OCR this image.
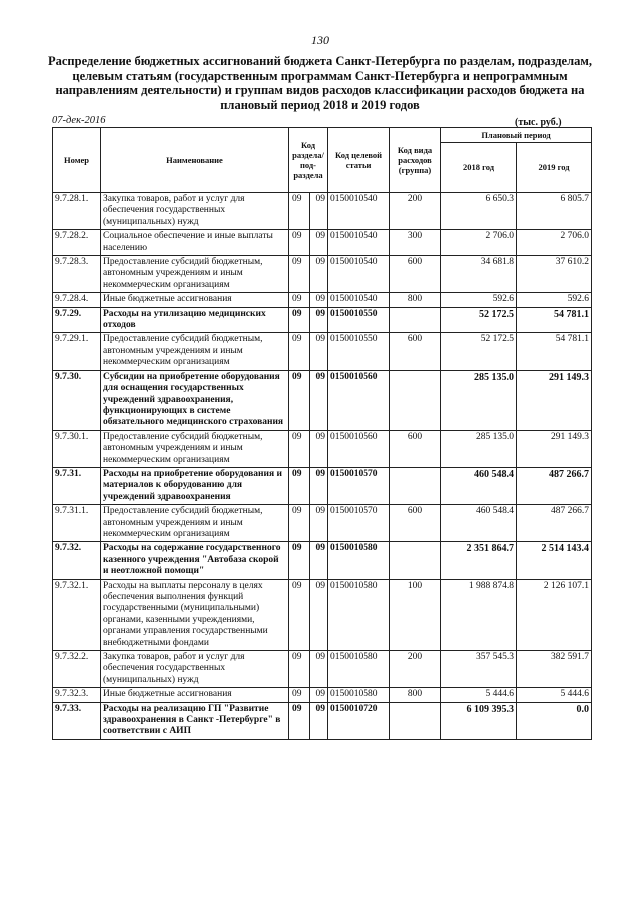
130
Распределение бюджетных ассигнований бюджета Санкт-Петербурга по разделам, подразделам, целевым статьям (государственным программам Санкт-Петербурга и непрограммным направлениям деятельности) и группам видов расходов классификации расходов бюджета на плановый период 2018 и 2019 годов
07-дек-2016	(тыс. руб.)
Номер	Наименование	Код раздела/ под-раздела		Код целевой статьи	Код вида расходов (группа)	Плановый период	
						2018 год	2019 год
9.7.28.1.	Закупка товаров, работ и услуг для обеспечения государственных (муниципальных) нужд	09	09	0150010540	200	6 650.3	6 805.7
9.7.28.2.	Социальное обеспечение и иные выплаты населению	09	09	0150010540	300	2 706.0	2 706.0
9.7.28.3.	Предоставление субсидий бюджетным, автономным учреждениям и иным некоммерческим организациям	09	09	0150010540	600	34 681.8	37 610.2
9.7.28.4.	Иные бюджетные ассигнования	09	09	0150010540	800	592.6	592.6
9.7.29.	Расходы на утилизацию медицинских отходов	09	09	0150010550		52 172.5	54 781.1
9.7.29.1.	Предоставление субсидий бюджетным, автономным учреждениям и иным некоммерческим организациям	09	09	0150010550	600	52 172.5	54 781.1
9.7.30.	Субсидии на приобретение оборудования для оснащения государственных учреждений здравоохранения, функционирующих в системе обязательного медицинского страхования	09	09	0150010560		285 135.0	291 149.3
9.7.30.1.	Предоставление субсидий бюджетным, автономным учреждениям и иным некоммерческим организациям	09	09	0150010560	600	285 135.0	291 149.3
9.7.31.	Расходы на приобретение оборудования и материалов к оборудованию для учреждений здравоохранения	09	09	0150010570		460 548.4	487 266.7
9.7.31.1.	Предоставление субсидий бюджетным, автономным учреждениям и иным некоммерческим организациям	09	09	0150010570	600	460 548.4	487 266.7
9.7.32.	Расходы на содержание государственного казенного учреждения "Автобаза скорой и неотложной помощи"	09	09	0150010580		2 351 864.7	2 514 143.4
9.7.32.1.	Расходы на выплаты персоналу в целях обеспечения выполнения функций государственными (муниципальными) органами, казенными учреждениями, органами управления государственными внебюджетными фондами	09	09	0150010580	100	1 988 874.8	2 126 107.1
9.7.32.2.	Закупка товаров, работ и услуг для обеспечения государственных (муниципальных) нужд	09	09	0150010580	200	357 545.3	382 591.7
9.7.32.3.	Иные бюджетные ассигнования	09	09	0150010580	800	5 444.6	5 444.6
9.7.33.	Расходы на реализацию ГП "Развитие здравоохранения в Санкт -Петербурге" в соответствии с АИП	09	09	0150010720		6 109 395.3	0.0
